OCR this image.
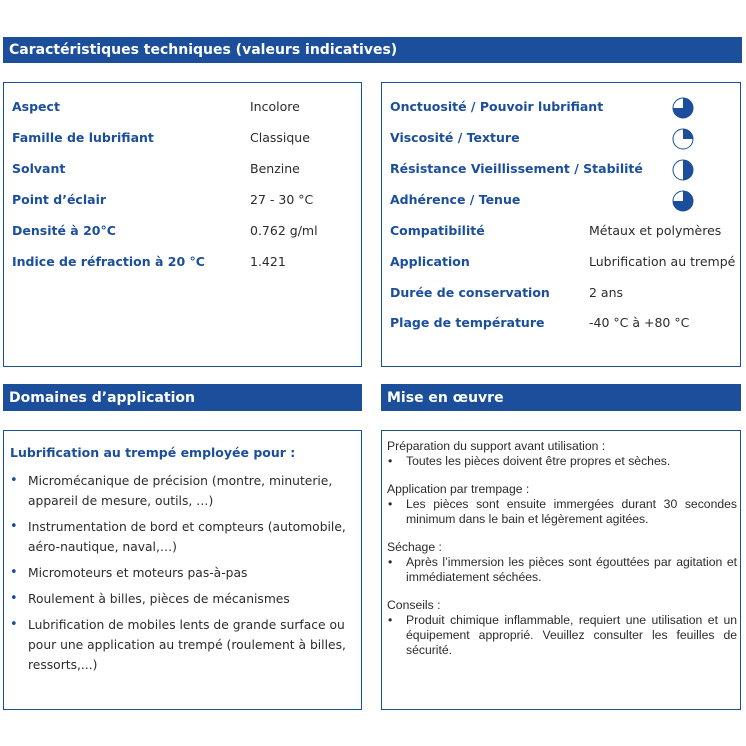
Caractéristiques techniques (valeurs indicatives)
Aspect	Incolore
Famille de lubrifiant	Classique
Solvant	Benzine
Point d’éclair	27 - 30 °C
Densité à 20°C	0.762 g/ml
Indice de réfraction à 20 °C	1.421
Onctuosité / Pouvoir lubrifiant
Viscosité / Texture
Résistance Vieillissement / Stabilité
Adhérence / Tenue
Compatibilité	Métaux et polymères
Application	Lubrification au trempé
Durée de conservation	2 ans
Plage de température	-40 °C à +80 °C
Domaines d’application
Lubrification au trempé employée pour :
• Micromécanique de précision (montre, minuterie, appareil de mesure, outils, …)
• Instrumentation de bord et compteurs (automobile, aéro-nautique, naval,…)
• Micromoteurs et moteurs pas-à-pas
• Roulement à billes, pièces de mécanismes
• Lubrification de mobiles lents de grande surface ou pour une application au trempé (roulement à billes, ressorts,...)
Mise en œuvre
Préparation du support avant utilisation :
• Toutes les pièces doivent être propres et sèches.
Application par trempage :
• Les pièces sont ensuite immergées durant 30 secondes minimum dans le bain et légèrement agitées.
Séchage :
• Après l’immersion les pièces sont égouttées par agitation et immédiatement séchées.
Conseils :
• Produit chimique inflammable, requiert une utilisation et un équipement approprié. Veuillez consulter les feuilles de sécurité.
